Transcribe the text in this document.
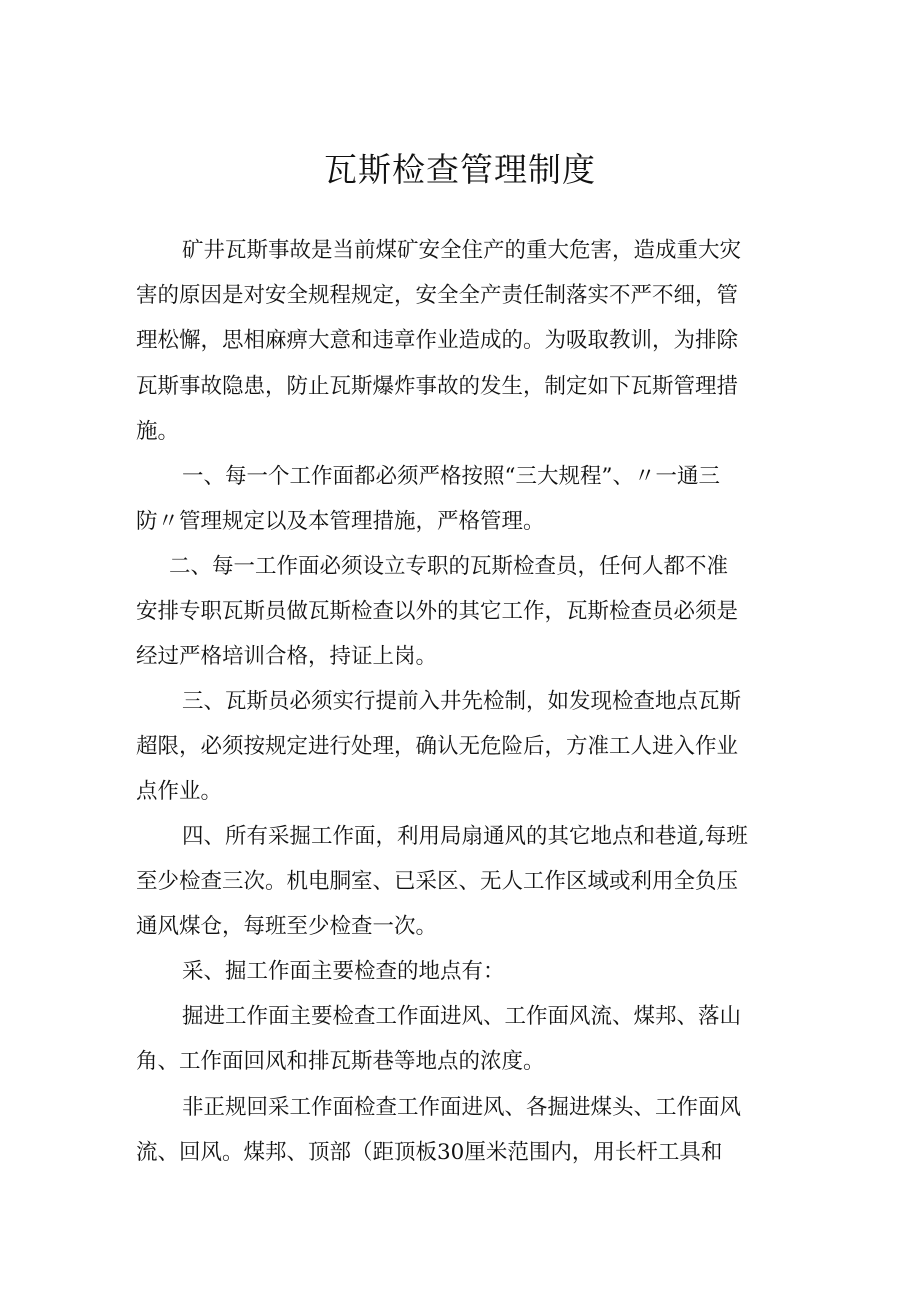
瓦斯检查管理制度
矿井瓦斯事故是当前煤矿安全住产的重大危害，造成重大灾
害的原因是对安全规程规定，安全全产责任制落实不严不细，管
理松懈，思相麻痹大意和违章作业造成的。为吸取教训，为排除
瓦斯事故隐患，防止瓦斯爆炸事故的发生，制定如下瓦斯管理措
施。
一、每一个工作面都必须严格按照“三大规程”、〃一通三
防〃管理规定以及本管理措施，严格管理。
二、每一工作面必须设立专职的瓦斯检查员，任何人都不准
安排专职瓦斯员做瓦斯检查以外的其它工作，瓦斯检查员必须是
经过严格培训合格，持证上岗。
三、瓦斯员必须实行提前入井先检制，如发现检查地点瓦斯
超限，必须按规定进行处理，确认无危险后，方准工人进入作业
点作业。
四、所有采掘工作面，利用局扇通风的其它地点和巷道,每班
至少检查三次。机电胴室、已采区、无人工作区域或利用全负压
通风煤仓，每班至少检查一次。
采、掘工作面主要检查的地点有：
掘进工作面主要检查工作面进风、工作面风流、煤邦、落山
角、工作面回风和排瓦斯巷等地点的浓度。
非正规回采工作面检查工作面进风、各掘进煤头、工作面风
流、回风。煤邦、顶部（距顶板30厘米范围内，用长杆工具和
